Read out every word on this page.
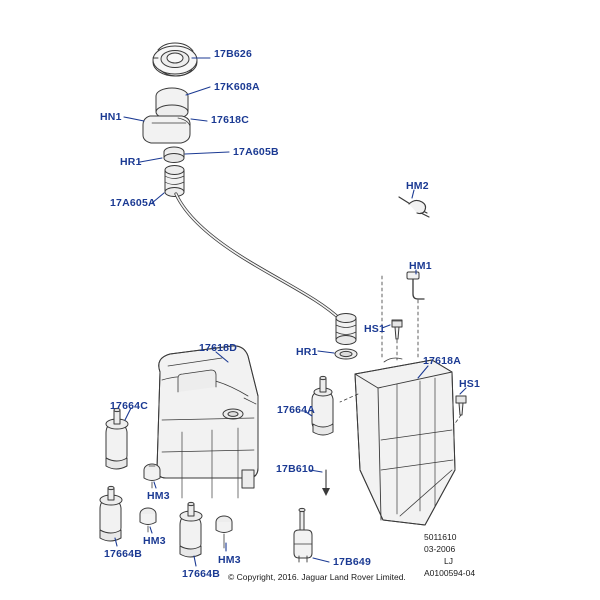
17B626
17K608A
HN1	17618C
17A605B
HR1
17A605A
HM2
HM1
HS1
HR1
17618D
17618A
HS1
17664C	17664A
17B610
HM3
HM3
HM3
17664B
17664B
17B649
5011610
03-2006
LJ
A0100594-04
© Copyright, 2016. Jaguar Land Rover Limited.
